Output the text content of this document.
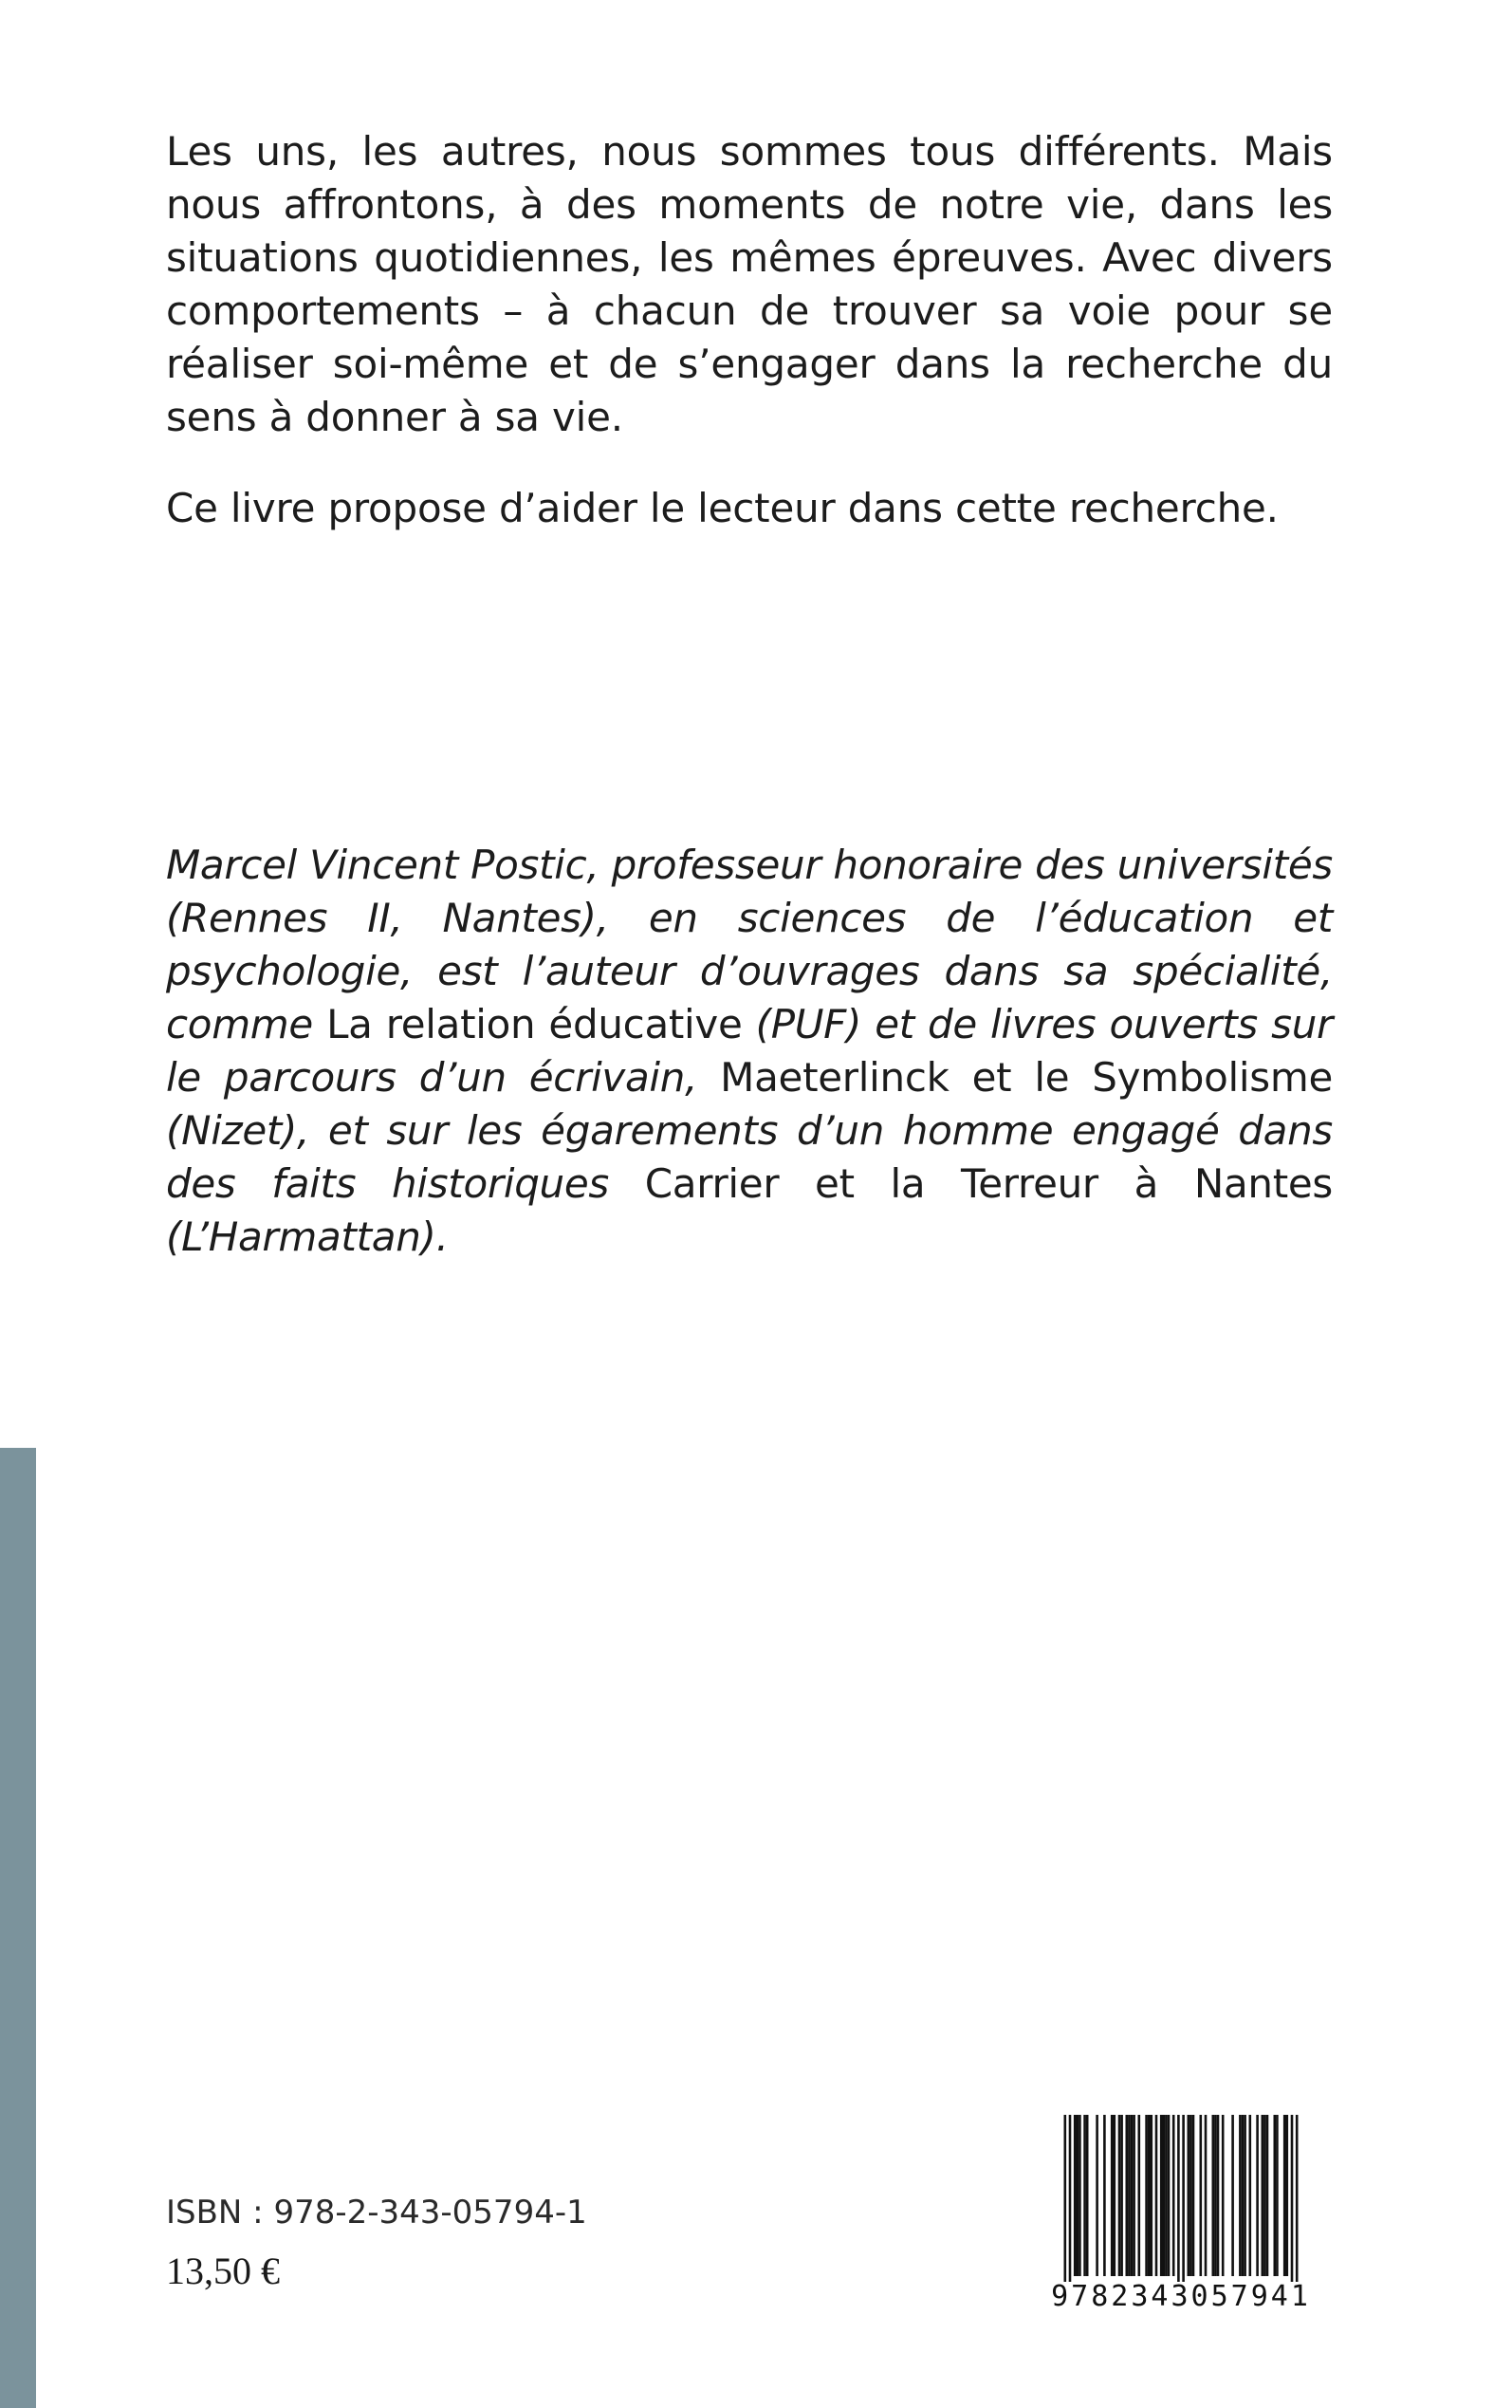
Les uns, les autres, nous sommes tous différents. Mais nous affrontons, à des moments de notre vie, dans les situations quotidiennes, les mêmes épreuves. Avec divers comportements – à chacun de trouver sa voie pour se réaliser soi-même et de s’engager dans la recherche du sens à donner à sa vie.

Ce livre propose d’aider le lecteur dans cette recherche.

Marcel Vincent Postic, professeur honoraire des universités (Rennes II, Nantes), en sciences de l’éducation et psychologie, est l’auteur d’ouvrages dans sa spécialité, comme La relation éducative (PUF) et de livres ouverts sur le parcours d’un écrivain, Maeterlinck et le Symbolisme (Nizet), et sur les égarements d’un homme engagé dans des faits historiques Carrier et la Terreur à Nantes (L’Harmattan).

ISBN : 978-2-343-05794-1

13,50 €

9782343057941
